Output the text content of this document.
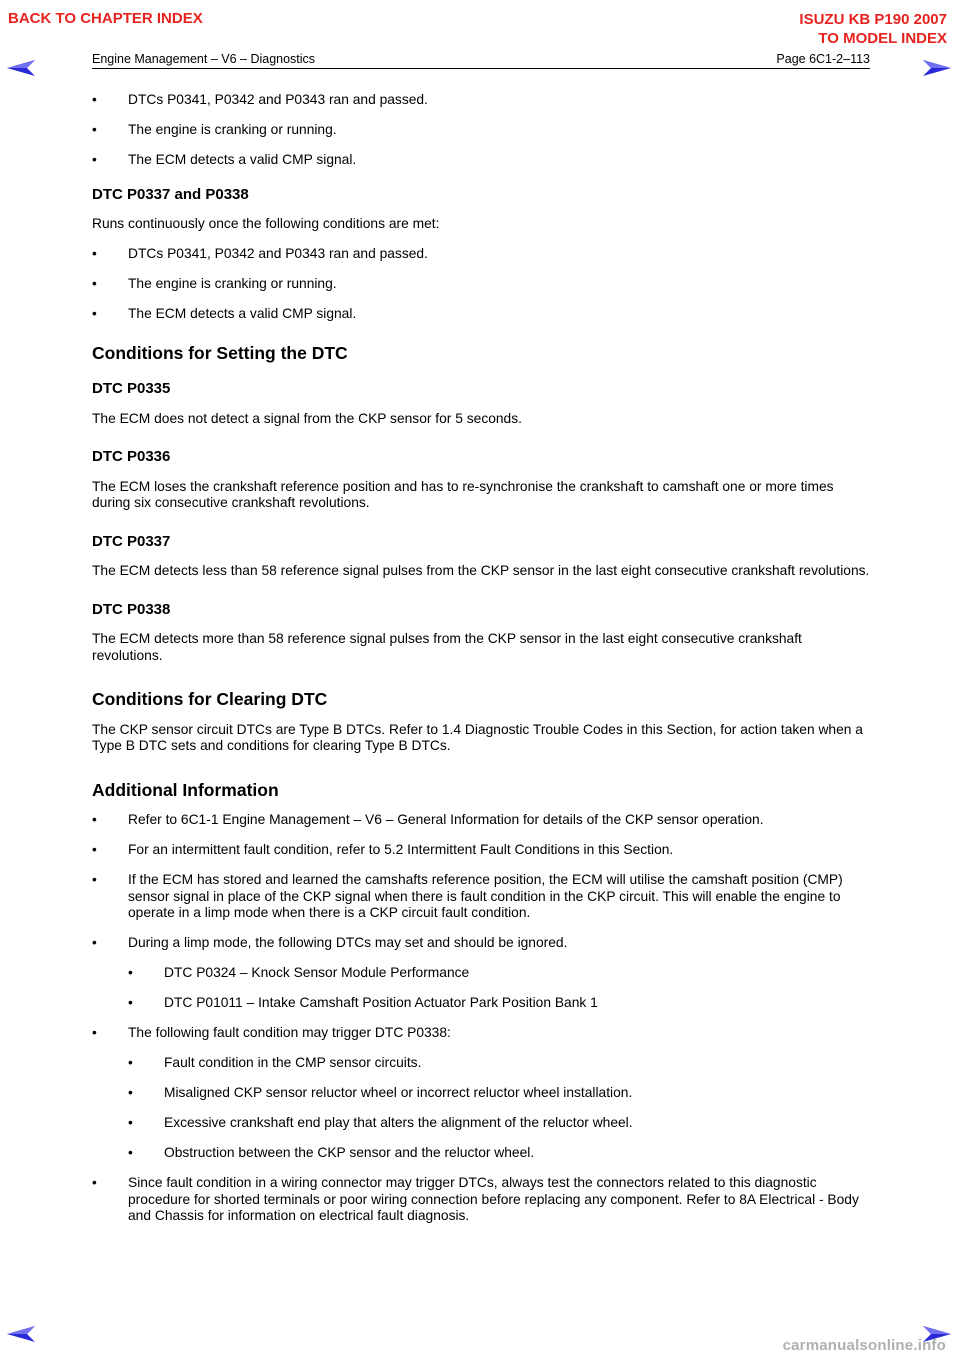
BACK TO CHAPTER INDEX	ISUZU KB P190 2007
TO MODEL INDEX
Engine Management – V6 – Diagnostics	Page 6C1-2–113
• DTCs P0341, P0342 and P0343 ran and passed.
• The engine is cranking or running.
• The ECM detects a valid CMP signal.
DTC P0337 and P0338
Runs continuously once the following conditions are met:
• DTCs P0341, P0342 and P0343 ran and passed.
• The engine is cranking or running.
• The ECM detects a valid CMP signal.
Conditions for Setting the DTC
DTC P0335
The ECM does not detect a signal from the CKP sensor for 5 seconds.
DTC P0336
The ECM loses the crankshaft reference position and has to re-synchronise the crankshaft to camshaft one or more times during six consecutive crankshaft revolutions.
DTC P0337
The ECM detects less than 58 reference signal pulses from the CKP sensor in the last eight consecutive crankshaft revolutions.
DTC P0338
The ECM detects more than 58 reference signal pulses from the CKP sensor in the last eight consecutive crankshaft revolutions.
Conditions for Clearing DTC
The CKP sensor circuit DTCs are Type B DTCs. Refer to 1.4 Diagnostic Trouble Codes in this Section, for action taken when a Type B DTC sets and conditions for clearing Type B DTCs.
Additional Information
• Refer to 6C1-1 Engine Management – V6 – General Information for details of the CKP sensor operation.
• For an intermittent fault condition, refer to 5.2 Intermittent Fault Conditions in this Section.
• If the ECM has stored and learned the camshafts reference position, the ECM will utilise the camshaft position (CMP) sensor signal in place of the CKP signal when there is fault condition in the CKP circuit. This will enable the engine to operate in a limp mode when there is a CKP circuit fault condition.
• During a limp mode, the following DTCs may set and should be ignored.
• DTC P0324 – Knock Sensor Module Performance
• DTC P01011 – Intake Camshaft Position Actuator Park Position Bank 1
• The following fault condition may trigger DTC P0338:
• Fault condition in the CMP sensor circuits.
• Misaligned CKP sensor reluctor wheel or incorrect reluctor wheel installation.
• Excessive crankshaft end play that alters the alignment of the reluctor wheel.
• Obstruction between the CKP sensor and the reluctor wheel.
• Since fault condition in a wiring connector may trigger DTCs, always test the connectors related to this diagnostic procedure for shorted terminals or poor wiring connection before replacing any component. Refer to 8A Electrical - Body and Chassis for information on electrical fault diagnosis.
carmanualsonline.info
